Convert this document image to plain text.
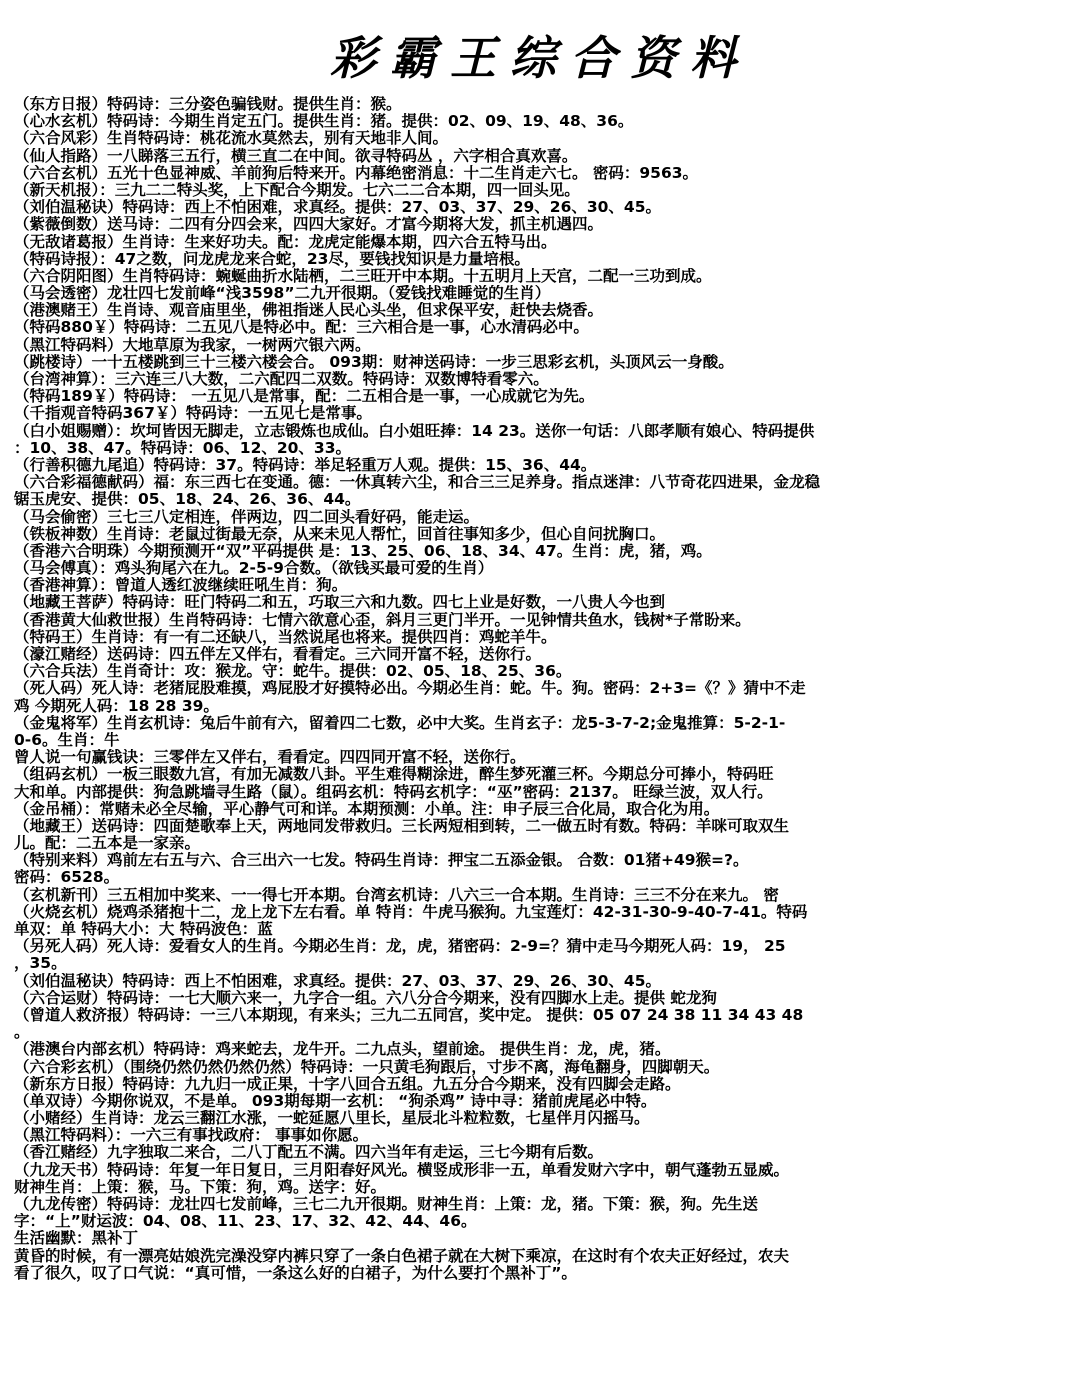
彩霸王综合资料
（东方日报）特码诗：三分姿色骗钱财。提供生肖：猴。
（心水玄机）特码诗：今期生肖定五门。提供生肖：猪。提供：02、09、19、48、36。
（六合风彩）生肖特码诗：桃花流水莫然去，别有天地非人间。
（仙人指路）一八睇落三五行，横三直二在中间。欲寻特码丛 ，六字相合真欢喜。
（六合玄机）五光十色显神威、羊前狗后特来开。内幕绝密消息：十二生肖走六七。 密码：9563。
（新天机报）：三九二二特头奖，上下配合今期发。七六二二合本期，四一回头见。
（刘伯温秘诀）特码诗：西上不怕困难，求真经。提供：27、03、37、29、26、30、45。
（紫薇倒数）送马诗：二四有分四会来，四四大家好。才富今期将大发，抓主机遇四。
（无敌诸葛报）生肖诗：生来好功夫。配：龙虎定能爆本期，四六合五特马出。
（特码诗报）：47之数，问龙虎龙来合蛇，23尽，要钱找知识是力量培根。
（六合阴阳图）生肖特码诗：蜿蜒曲折水陆栖，二三旺开中本期。十五明月上天宫，二配一三功到成。
（马会透密）龙壮四七发前峰“浅3598”二九开很期。（爱钱找难睡觉的生肖）
（港澳赌王）生肖诗、观音庙里坐，佛祖指迷人民心头坐，但求保平安，赶快去烧香。
（特码880￥）特码诗：二五见八是特必中。配：三六相合是一事，心水清码必中。
（黑江特码料）大地草原为我家，一树两穴银六两。
（跳楼诗）一十五楼跳到三十三楼六楼会合。 093期：财神送码诗：一步三思彩玄机，头顶风云一身酸。
（台湾神算）：三六连三八大数，二六配四二双数。特码诗：双数博特看零六。
（特码189￥）特码诗： 一五见八是常事，配：二五相合是一事，一心成就它为先。
（千指观音特码367￥）特码诗：一五见七是常事。
（白小姐赐赠）：坎坷皆因无脚走，立志锻炼也成仙。白小姐旺捧：14 23。送你一句话：八郎孝顺有娘心、特码提供
：10、38、47。特码诗：06、12、20、33。
（行善积德九尾追）特码诗：37。特码诗：举足轻重万人观。提供：15、36、44。
（六合彩福德献码）福：东三西七在变通。德：一休真转六尘，和合三三足养身。指点迷津：八节奇花四进果，金龙稳
锯玉虎安、提供：05、18、24、26、36、44。
（马会偷密）三七三八定相连，伴两边，四二回头看好码，能走运。
（铁板神数）生肖诗：老鼠过街最无奈，从来未见人帮忙，回首往事知多少，但心自问扰胸口。
（香港六合明珠）今期预测开“双”平码提供 是：13、25、06、18、34、47。生肖：虎，猪，鸡。
（马会傅真）：鸡头狗尾六在九。2-5-9合数。（欲钱买最可爱的生肖）
（香港神算）：曾道人透红波继续旺吼生肖：狗。
（地藏王菩萨）特码诗：旺门特码二和五，巧取三六和九数。四七上业是好数，一八贵人今也到
（香港黄大仙救世报）生肖特码诗：七情六欲意心歪，斜月三更门半开。一见钟情共鱼水，钱树*子常盼来。
（特码王）生肖诗：有一有二还缺八，当然说尾也将来。提供四肖：鸡蛇羊牛。
（濠江赌经）送码诗：四五伴左又伴右，看看定。三六同开富不轻，送你行。
（六合兵法）生肖奇计：攻：猴龙。守：蛇牛。提供：02、05、18、25、36。
（死人码）死人诗：老猪屁股难摸，鸡屁股才好摸特必出。今期必生肖：蛇。牛。狗。密码：2+3=《？》猜中不走
鸡 今期死人码：18 28 39。
（金鬼将军）生肖玄机诗：兔后牛前有六，留着四二七数，必中大奖。生肖玄子：龙5-3-7-2;金鬼推算：5-2-1-
0-6。生肖：牛
曾人说一句赢钱诀：三零伴左又伴右，看看定。四四同开富不轻，送你行。
（组码玄机）一板三眼数九宫，有加无减数八卦。平生难得糊涂进，醉生梦死灌三杯。今期总分可捧小，特码旺
大和单。内部提供：狗急跳墙寻生路（鼠）。组码玄机：特码玄机字：“巫”密码：2137。 旺绿兰波，双人行。
（金吊桶）：常赌未必全尽输，平心静气可和详。本期预测：小单。注：申子辰三合化局，取合化为用。
（地藏王）送码诗：四面楚歌奉上天，两地同发带救归。三长两短相到转，二一做五时有数。特码：羊咪可取双生
儿。配：二五本是一家亲。
（特别来料）鸡前左右五与六、合三出六一七发。特码生肖诗：押宝二五添金银。 合数：01猪+49猴=?。
密码：6528。
（玄机新刊）三五相加中奖来、一一得七开本期。台湾玄机诗：八六三一合本期。生肖诗：三三不分在来九。 密
（火烧玄机）烧鸡杀猪抱十二，龙上龙下左右看。单 特肖：牛虎马猴狗。九宝莲灯：42-31-30-9-40-7-41。特码
单双：单 特码大小：大 特码波色：蓝
（另死人码）死人诗：爱看女人的生肖。今期必生肖：龙，虎，猪密码：2-9=？猜中走马今期死人码：19， 25
，35。
（刘伯温秘诀）特码诗：西上不怕困难，求真经。提供：27、03、37、29、26、30、45。
（六合运财）特码诗：一七大顺六来一，九字合一组。六八分合今期来，没有四脚水上走。提供 蛇龙狗
（曾道人救济报）特码诗：一三八本期现，有来头；三九二五同宫，奖中定。 提供：05 07 24 38 11 34 43 48
。
（港澳台内部玄机）特码诗：鸡来蛇去，龙牛开。二九点头，望前途。 提供生肖：龙，虎，猪。
（六合彩玄机）（围绕仍然仍然仍然仍然）特码诗：一只黄毛狗跟后，寸步不离，海龟翻身，四脚朝天。
（新东方日报）特码诗：九九归一成正果，十字八回合五组。九五分合今期来，没有四脚会走路。
（单双诗）今期你说双，不是单。 093期每期一玄机： “狗杀鸡” 诗中寻：猪前虎尾必中特。
（小赌经）生肖诗：龙云三翻江水涨，一蛇延愿八里长，星辰北斗粒粒数，七星伴月闪摇马。
（黑江特码料）：一六三有事找政府： 事事如你愿。
（香江赌经）九字独取二来合，二八丁配五不满。四六当年有走运，三七今期有后数。
（九龙天书）特码诗：年复一年日复日，三月阳春好风光。横竖成形非一五，单看发财六字中，朝气蓬勃五显威。
财神生肖：上策：猴，马。下策：狗，鸡。送字：好。
（九龙传密）特码诗：龙壮四七发前峰，三七二九开很期。财神生肖：上策：龙，猪。下策：猴，狗。先生送
字：“上”财运波：04、08、11、23、17、32、42、44、46。
生活幽默：黑补丁
黄昏的时候，有一漂亮姑娘洗完澡没穿内裤只穿了一条白色裙子就在大树下乘凉，在这时有个农夫正好经过，农夫
看了很久，叹了口气说：“真可惜，一条这么好的白裙子，为什么要打个黑补丁”。
